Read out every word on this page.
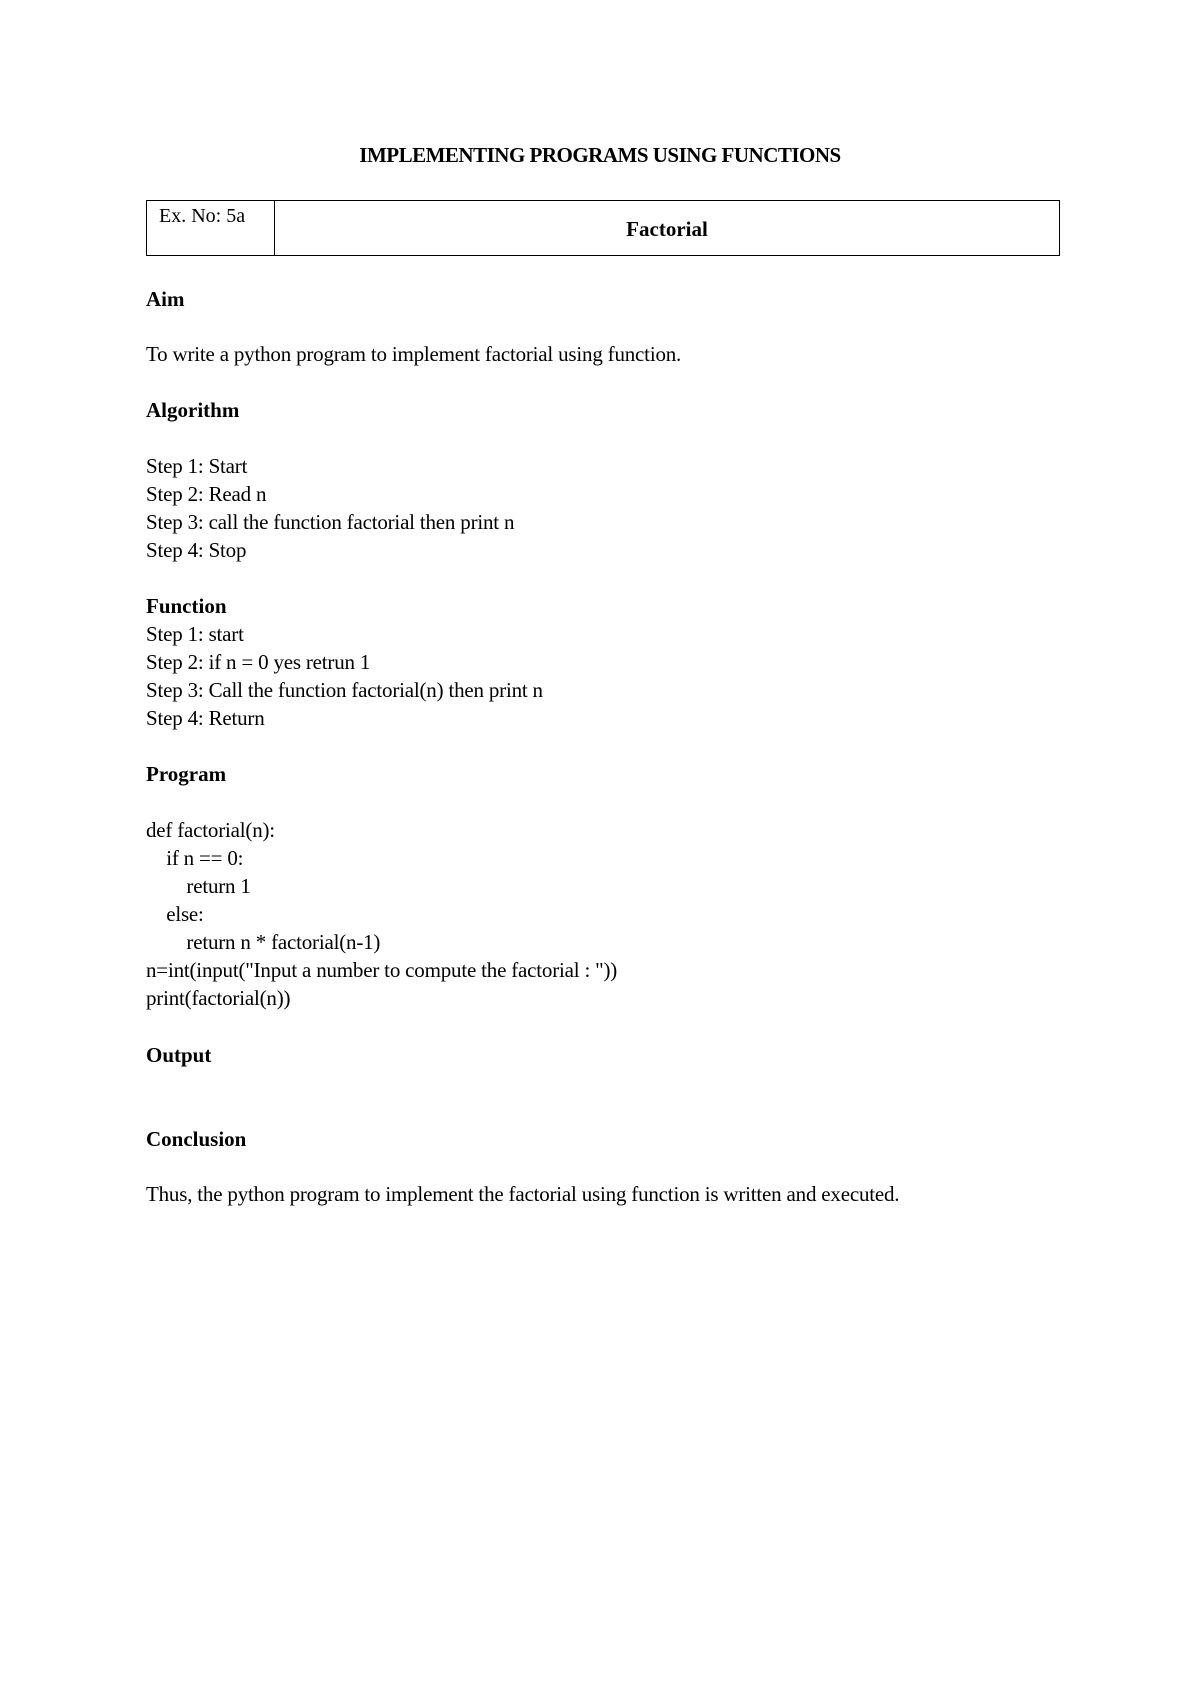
IMPLEMENTING PROGRAMS USING FUNCTIONS
Ex. No: 5a
Factorial
Aim
To write a python program to implement factorial using function.
Algorithm
Step 1: Start
Step 2: Read n
Step 3: call the function factorial then print n
Step 4: Stop
Function
Step 1: start
Step 2: if n = 0 yes retrun 1
Step 3: Call the function factorial(n) then print n
Step 4: Return
Program
def factorial(n):
if n == 0:
return 1
else:
return n * factorial(n-1)
n=int(input("Input a number to compute the factorial : "))
print(factorial(n))
Output
Conclusion
Thus, the python program to implement the factorial using function is written and executed.
